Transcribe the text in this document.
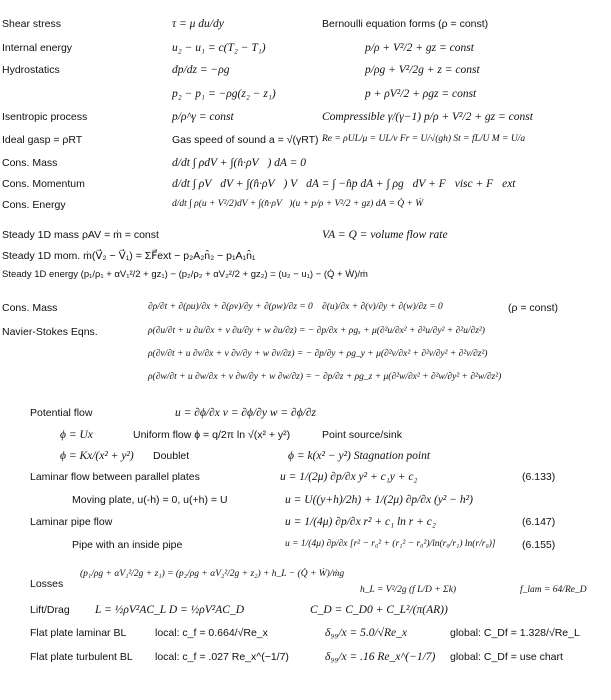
Shear stress	τ = μ du/dy	Bernoulli equation forms (ρ = const)
Internal energy	u₂ − u₁ = c(T₂ − T₁)	p/ρ + V²/2 + gz = const
Hydrostatics	dp/dz = −ρg	p/ρg + V²/2g + z = const
p₂ − p₁ = −ρg(z₂ − z₁)	p + ρV²/2 + ρgz = const
Isentropic process	p/ρ^γ = const	Compressible γ/(γ−1) p/ρ + V²/2 + gz = const
Ideal gasp = ρRT	Gas speed of sound a = √(γRT) Re = ρUL/μ = UL/ν Fr = U/√(gh) St = fL/U M = U/a
Cons. Mass	d/dt ∫ ρdV + ∫(n̂·ρV⃗) dA = 0
Cons. Momentum	d/dt ∫ ρV⃗dV + ∫(n̂·ρV⃗) V⃗dA = ∫ −n̂p dA + ∫ ρg⃗dV + F⃗visc + F⃗ext
Cons. Energy	d/dt ∫ ρ(u + V²/2)dV + ∫(n̂·ρV⃗)(u + p/ρ + V²/2 + gz) dA = Q̇ + Ẇ
Steady 1D mass ρAV = ṁ = const	VA = Q = volume flow rate
Steady 1D mom. ṁ(V⃗₂ − V⃗₁) = ΣF⃗ext − p₂A₂n̂₂ − p₁A₁n̂₁
Steady 1D energy (p₁/ρ₁ + αV₁²/2 + gz₁) − (p₂/ρ₂ + αV₂²/2 + gz₂) = (u₂ − u₁) − (Q̇ + Ẇ)/ṁ
Cons. Mass	∂ρ/∂t + ∂(ρu)/∂x + ∂(ρv)/∂y + ∂(ρw)/∂z = 0 ∂(u)/∂x + ∂(v)/∂y + ∂(w)/∂z = 0	(ρ = const)
Navier-Stokes Eqns.	ρ(∂u/∂t + u ∂u/∂x + v ∂u/∂y + w ∂u/∂z) = − ∂p/∂x + ρgₓ + μ(∂²u/∂x² + ∂²u/∂y² + ∂²u/∂z²)
ρ(∂v/∂t + u ∂v/∂x + v ∂v/∂y + w ∂v/∂z) = − ∂p/∂y + ρg_y + μ(∂²v/∂x² + ∂²v/∂y² + ∂²v/∂z²)
ρ(∂w/∂t + u ∂w/∂x + v ∂w/∂y + w ∂w/∂z) = − ∂p/∂z + ρg_z + μ(∂²w/∂x² + ∂²w/∂y² + ∂²w/∂z²)
Potential flow	u = ∂ϕ/∂x v = ∂ϕ/∂y w = ∂ϕ/∂z
ϕ = Ux	Uniform flow ϕ = q/2π ln √(x² + y²)	Point source/sink
ϕ = Kx/(x² + y²) Doublet	ϕ = k(x² − y²) Stagnation point
Laminar flow between parallel plates	u = 1/(2μ) ∂p/∂x y² + c₁y + c₂	(6.133)
Moving plate, u(-h) = 0, u(+h) = U	u = U((y+h)/2h) + 1/(2μ) ∂p/∂x (y² − h²)
Laminar pipe flow	u = 1/(4μ) ∂p/∂x r² + c₁ ln r + c₂	(6.147)
Pipe with an inside pipe	u = 1/(4μ) ∂p/∂x [r² − r₀² + (r₁² − r₀²)/ln(r₀/r₁) ln(r/r₀)]	(6.155)
Losses
(p₁/ρg + αV₁²/2g + z₁) = (p₂/ρg + αV₂²/2g + z₂) + h_L − (Q̇ + Ẇ)/ṁg
h_L = V²/2g (f L/D + Σk)	f_lam = 64/Re_D
Lift/Drag L = ½ρV²AC_L D = ½ρV²AC_D	C_D = C_D0 + C_L²/(π(AR))
Flat plate laminar BL	local: c_f = 0.664/√Re_x	δ₉₉/x = 5.0/√Re_x	global: C_Df = 1.328/√Re_L
Flat plate turbulent BL local: c_f = .027 Re_x^(−1/7)	δ₉₉/x = .16 Re_x^(−1/7) global: C_Df = use chart
